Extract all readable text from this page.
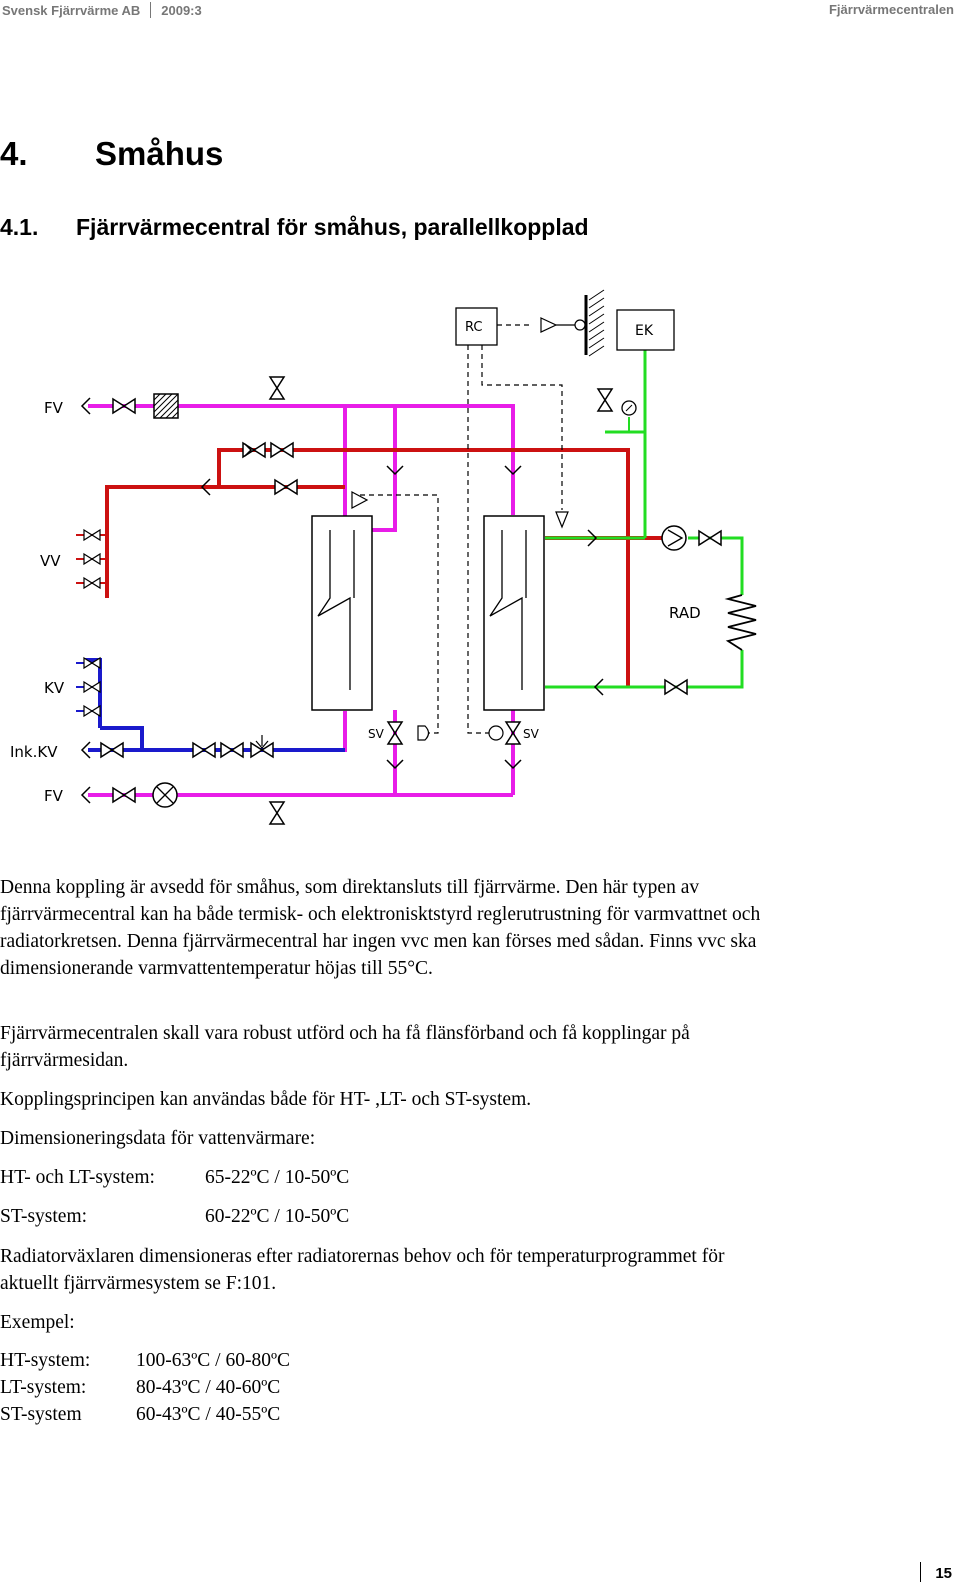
Svensk Fjärrvärme AB 2009:3	Fjärrvärmecentralen
4. Småhus
4.1. Fjärrvärmecentral för småhus, parallellkopplad
FV
VV
KV
Ink.KV
FV
RC	EK
RAD
SV	SV

Denna koppling är avsedd för småhus, som direktansluts till fjärrvärme. Den här typen av fjärrvärmecentral kan ha både termisk- och elektronisktstyrd reglerutrustning för varmvattnet och radiatorkretsen. Denna fjärrvärmecentral har ingen vvc men kan förses med sådan. Finns vvc ska dimensionerande varmvattentemperatur höjas till 55°C.

Fjärrvärmecentralen skall vara robust utförd och ha få flänsförband och få kopplingar på fjärrvärmesidan.

Kopplingsprincipen kan användas både för HT- ,LT- och ST-system.

Dimensioneringsdata för vattenvärmare:

HT- och LT-system:	65-22ºC / 10-50ºC
ST-system:	60-22ºC / 10-50ºC

Radiatorväxlaren dimensioneras efter radiatorernas behov och för temperaturprogrammet för aktuellt fjärrvärmesystem se F:101.

Exempel:

HT-system: 100-63ºC / 60-80ºC
LT-system:	80-43ºC / 40-60ºC
ST-system	60-43ºC / 40-55ºC
15
